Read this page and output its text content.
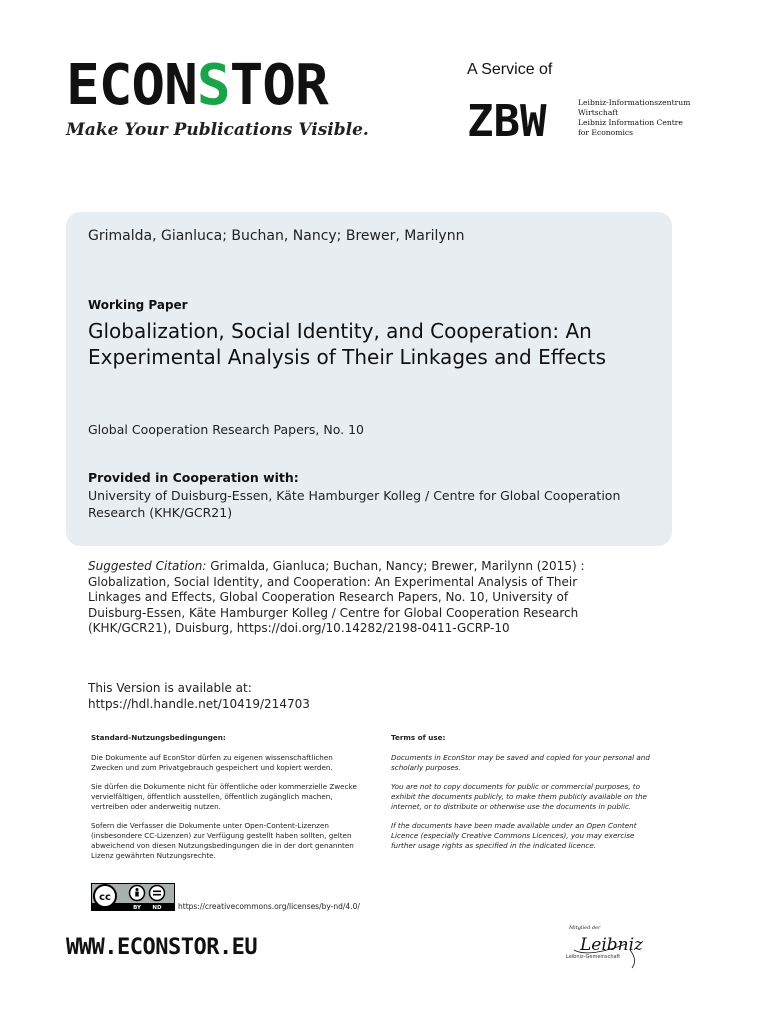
ECONSTOR
Make Your Publications Visible.
A Service of
ZBW	Leibniz-Informationszentrum
Wirtschaft
Leibniz Information Centre
for Economics
Grimalda, Gianluca; Buchan, Nancy; Brewer, Marilynn
Working Paper
Globalization, Social Identity, and Cooperation: An Experimental Analysis of Their Linkages and Effects
Global Cooperation Research Papers, No. 10
Provided in Cooperation with:
University of Duisburg-Essen, Käte Hamburger Kolleg / Centre for Global Cooperation Research (KHK/GCR21)
Suggested Citation: Grimalda, Gianluca; Buchan, Nancy; Brewer, Marilynn (2015) : Globalization, Social Identity, and Cooperation: An Experimental Analysis of Their Linkages and Effects, Global Cooperation Research Papers, No. 10, University of Duisburg-Essen, Käte Hamburger Kolleg / Centre for Global Cooperation Research (KHK/GCR21), Duisburg, https://doi.org/10.14282/2198-0411-GCRP-10
This Version is available at:
https://hdl.handle.net/10419/214703
Standard-Nutzungsbedingungen:

Die Dokumente auf EconStor dürfen zu eigenen wissenschaftlichen Zwecken und zum Privatgebrauch gespeichert und kopiert werden.

Sie dürfen die Dokumente nicht für öffentliche oder kommerzielle Zwecke vervielfältigen, öffentlich ausstellen, öffentlich zugänglich machen, vertreiben oder anderweitig nutzen.

Sofern die Verfasser die Dokumente unter Open-Content-Lizenzen (insbesondere CC-Lizenzen) zur Verfügung gestellt haben sollten, gelten abweichend von diesen Nutzungsbedingungen die in der dort genannten Lizenz gewährten Nutzungsrechte.

Terms of use:

Documents in EconStor may be saved and copied for your personal and scholarly purposes.

You are not to copy documents for public or commercial purposes, to exhibit the documents publicly, to make them publicly available on the internet, or to distribute or otherwise use the documents in public.

If the documents have been made available under an Open Content Licence (especially Creative Commons Licences), you may exercise further usage rights as specified in the indicated licence.

cc
BY ND https://creativecommons.org/licenses/by-nd/4.0/
WWW.ECONSTOR.EU
Mitglied der
Leibniz
Leibniz-Gemeinschaft
